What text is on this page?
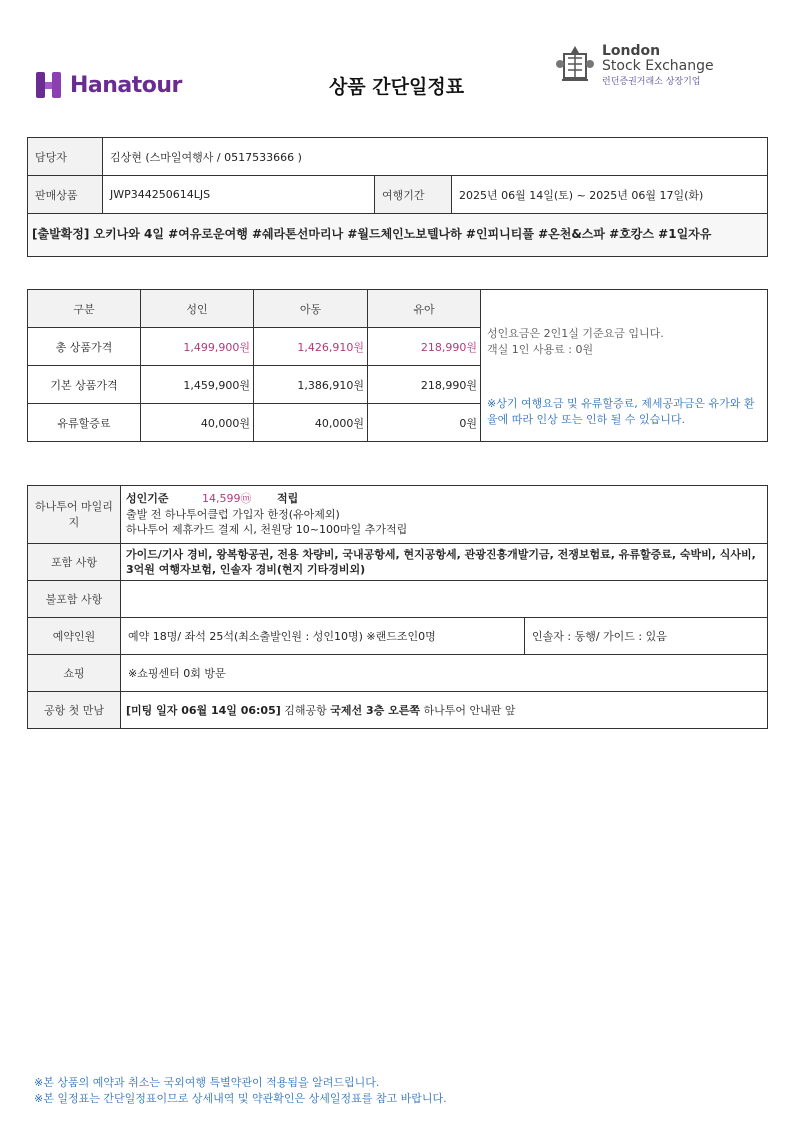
Hanatour	상품 간단일정표
London
Stock Exchange
런던증권거래소 상장기업
담당자	김상현 (스마일여행사 / 0517533666 )		
판매상품	JWP344250614LJS	여행기간	2025년 06월 14일(토) ~ 2025년 06월 17일(화)
[출발확정] 오키나와 4일 #여유로운여행 #쉐라톤선마리나 #월드체인노보텔나하 #인피니티풀 #온천&스파 #호캉스 #1일자유			
구분	성인	아동	유아	성인요금은 2인1실 기준요금 입니다.
객실 1인 사용료 : 0원
※상기 여행요금 및 유류할증료, 제세공과금은 유가와 환율에 따라 인상 또는 인하 될 수 있습니다.

총 상품가격	1,499,900원	1,426,910원	218,990원	
기본 상품가격	1,459,900원	1,386,910원	218,990원	
유류할증료	40,000원	40,000원	0원	
하나투어 마일리지	성인기준 14,599ⓜ 적립
출발 전 하나투어클럽 가입자 한정(유아제외)
하나투어 제휴카드 결제 시, 천원당 10~100마일 추가적립	

포함 사항	가이드/기사 경비, 왕복항공권, 전용 차량비, 국내공항세, 현지공항세, 관광진흥개발기금, 전쟁보험료, 유류할증료, 숙박비, 식사비, 3억원 여행자보험, 인솔자 경비(현지 기타경비외)	
불포함 사항		
예약인원	예약 18명/ 좌석 25석(최소출발인원 : 성인10명) ※랜드조인0명	인솔자 : 동행/ 가이드 : 있음
쇼핑	※쇼핑센터 0회 방문	
공항 첫 만남	[미팅 일자 06월 14일 06:05] 김해공항 국제선 3층 오른쪽 하나투어 안내판 앞	
※본 상품의 예약과 취소는 국외여행 특별약관이 적용됨을 알려드립니다.
※본 일정표는 간단일정표이므로 상세내역 및 약관확인은 상세일정표를 참고 바랍니다.
